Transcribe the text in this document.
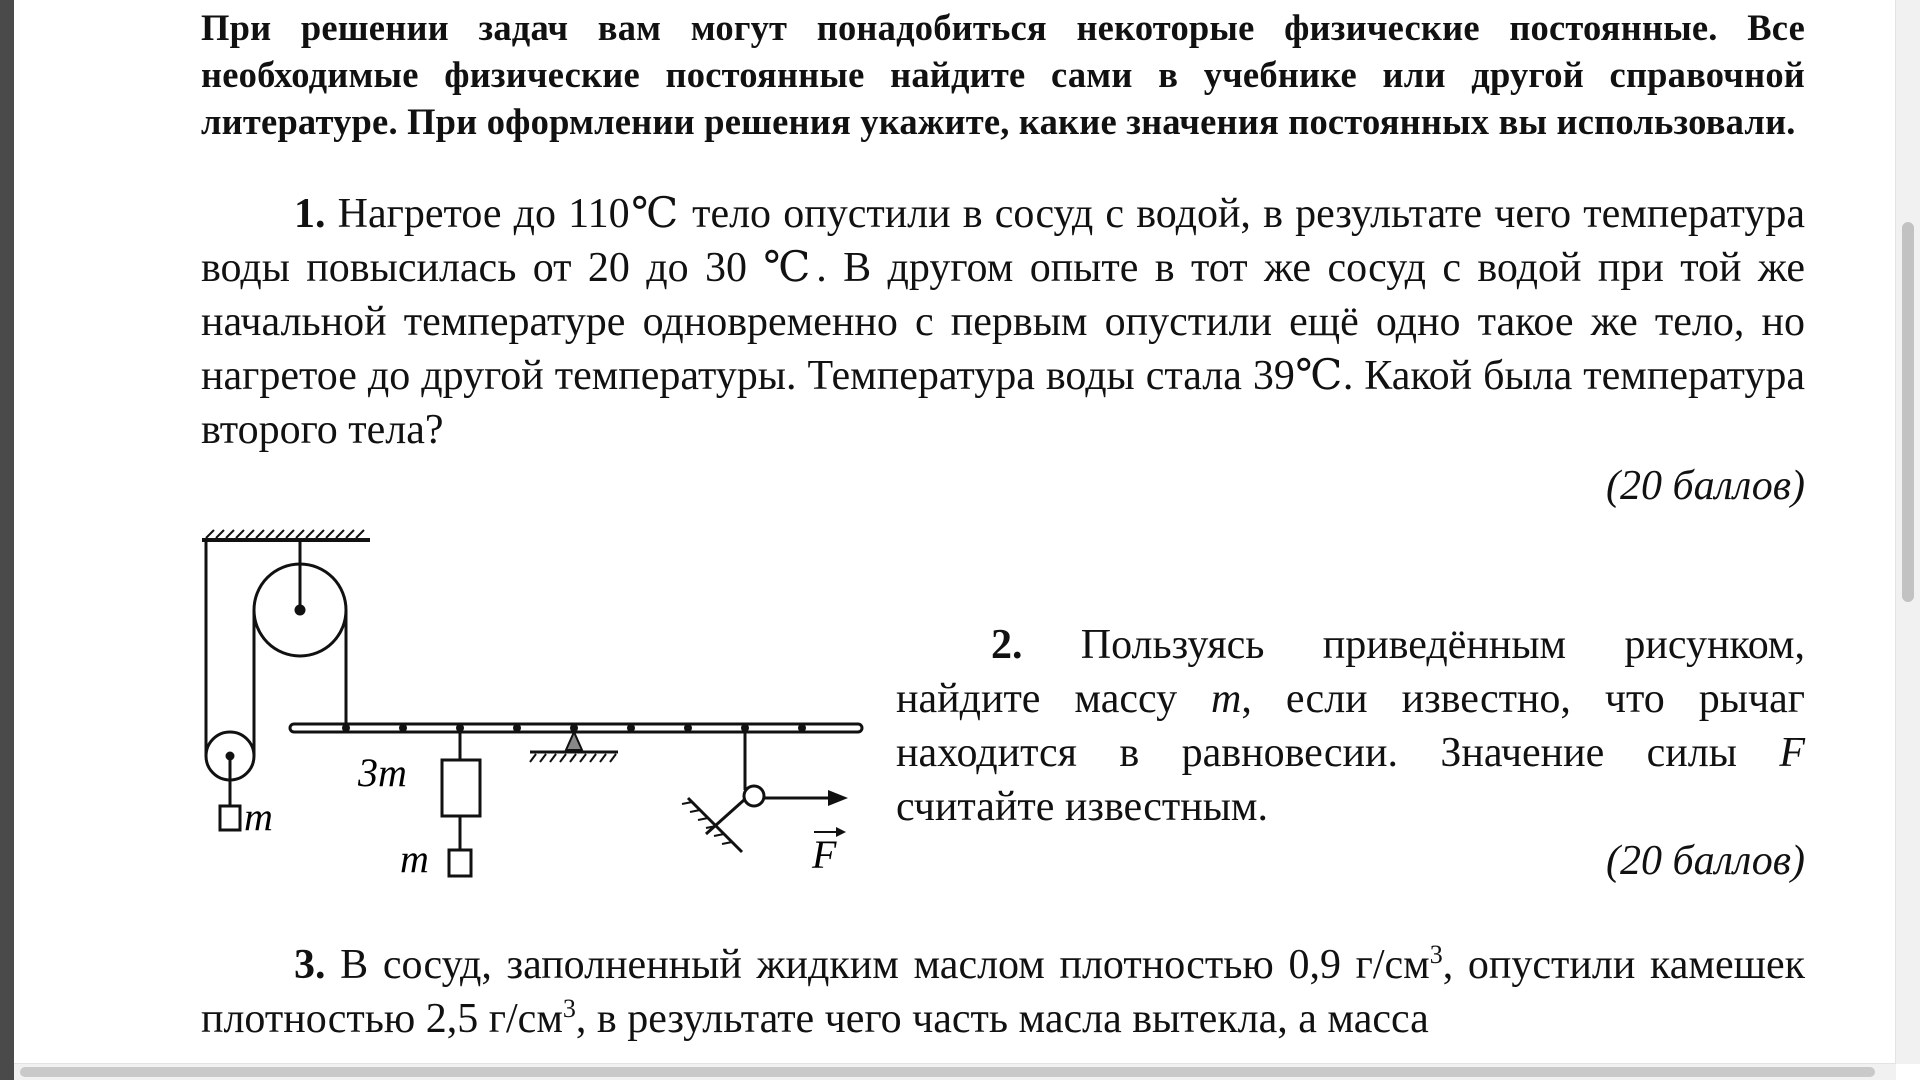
При решении задач вам могут понадобиться некоторые физические постоянные. Все необходимые физические постоянные найдите сами в учебнике или другой справочной литературе. При оформлении решения укажите, какие значения постоянных вы использовали.

1. Нагретое до 110℃ тело опустили в сосуд с водой, в результате чего температура воды повысилась от 20 до 30 ℃. В другом опыте в тот же сосуд с водой при той же начальной температуре одновременно с первым опустили ещё одно такое же тело, но нагретое до другой температуры. Температура воды стала 39℃. Какой была температура второго тела?
(20 баллов)
m
3m
m	F
2. Пользуясь приведённым рисунком, найдите массу m, если известно, что рычаг находится в равновесии. Значение силы F считайте известным.
(20 баллов)
3. В сосуд, заполненный жидким маслом плотностью 0,9 $г/см^3$, опустили камешек плотностью 2,5 $г/см^3$, в результате чего часть масла вытекла, а масса
